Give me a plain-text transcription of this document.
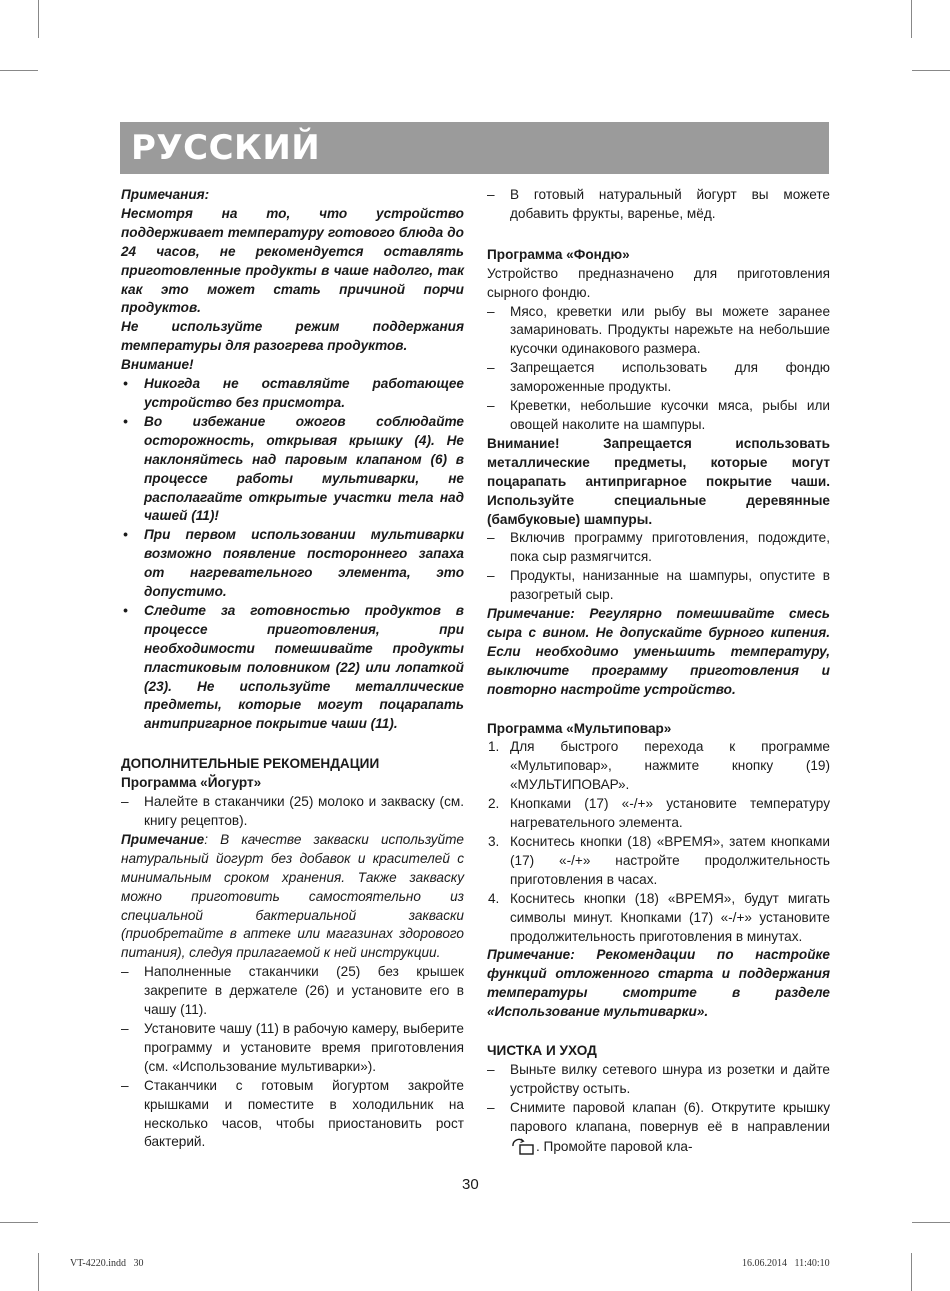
РУССКИЙ

Примечания:

Несмотря на то, что устройство поддерживает температуру готового блюда до 24 часов, не рекомендуется оставлять приготовленные продукты в чаше надолго, так как это может стать причиной порчи продуктов.

Не используйте режим поддержания температуры для разогрева продуктов.

Внимание!

• Никогда не оставляйте работающее устройство без присмотра.

• Во избежание ожогов соблюдайте осторожность, открывая крышку (4). Не наклоняйтесь над паровым клапаном (6) в процессе работы мультиварки, не располагайте открытые участки тела над чашей (11)!

• При первом использовании мультиварки возможно появление постороннего запаха от нагревательного элемента, это допустимо.

• Следите за готовностью продуктов в процессе приготовления, при необходимости помешивайте продукты пластиковым половником (22) или лопаткой (23). Не используйте металлические предметы, которые могут поцарапать антипригарное покрытие чаши (11).

ДОПОЛНИТЕЛЬНЫЕ РЕКОМЕНДАЦИИ

Программа «Йогурт»

– Налейте в стаканчики (25) молоко и закваску (см. книгу рецептов).

Примечание: В качестве закваски используйте натуральный йогурт без добавок и красителей с минимальным сроком хранения. Также закваску можно приготовить самостоятельно из специальной бактериальной закваски (приобретайте в аптеке или магазинах здорового питания), следуя прилагаемой к ней инструкции.

– Наполненные стаканчики (25) без крышек закрепите в держателе (26) и установите его в чашу (11).

– Установите чашу (11) в рабочую камеру, выберите программу и установите время приготовления (см. «Использование мультиварки»).

– Стаканчики с готовым йогуртом закройте крышками и поместите в холодильник на несколько часов, чтобы приостановить рост бактерий.

– В готовый натуральный йогурт вы можете добавить фрукты, варенье, мёд.

Программа «Фондю»

Устройство предназначено для приготовления сырного фондю.

– Мясо, креветки или рыбу вы можете заранее замариновать. Продукты нарежьте на небольшие кусочки одинакового размера.

– Запрещается использовать для фондю замороженные продукты.

– Креветки, небольшие кусочки мяса, рыбы или овощей наколите на шампуры.

Внимание! Запрещается использовать металлические предметы, которые могут поцарапать антипригарное покрытие чаши. Используйте специальные деревянные (бамбуковые) шампуры.

– Включив программу приготовления, подождите, пока сыр размягчится.

– Продукты, нанизанные на шампуры, опустите в разогретый сыр.

Примечание: Регулярно помешивайте смесь сыра с вином. Не допускайте бурного кипения. Если необходимо уменьшить температуру, выключите программу приготовления и повторно настройте устройство.

Программа «Мультиповар»

1. Для быстрого перехода к программе «Мультиповар», нажмите кнопку (19) «МУЛЬТИПОВАР».

2. Кнопками (17) «-/+» установите температуру нагревательного элемента.

3. Коснитесь кнопки (18) «ВРЕМЯ», затем кнопками (17) «-/+» настройте продолжительность приготовления в часах.

4. Коснитесь кнопки (18) «ВРЕМЯ», будут мигать символы минут. Кнопками (17) «-/+» установите продолжительность приготовления в минутах.

Примечание: Рекомендации по настройке функций отложенного старта и поддержания температуры смотрите в разделе «Использование мультиварки».

ЧИСТКА И УХОД

– Выньте вилку сетевого шнура из розетки и дайте устройству остыть.

– Снимите паровой клапан (6). Открутите крышку парового клапана, повернув её в направлении . Промойте паровой кла-

30
VT-4220.indd   30	16.06.2014   11:40:10
